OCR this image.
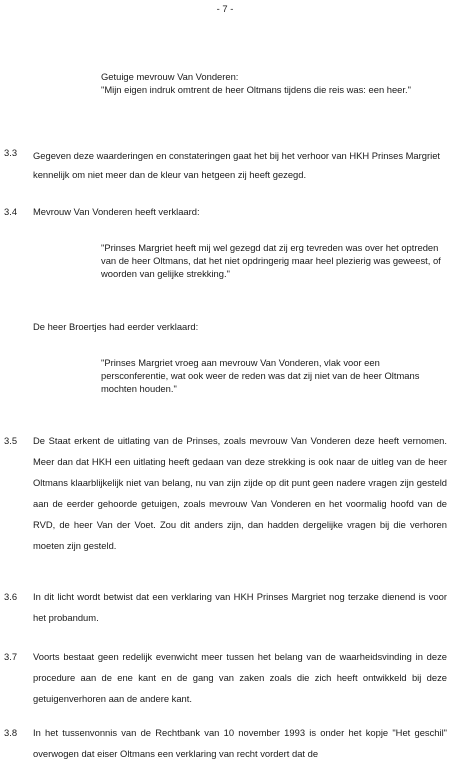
- 7 -

Getuige mevrouw Van Vonderen:

"Mijn eigen indruk omtrent de heer Oltmans tijdens die reis was: een heer."

3.3 Gegeven deze waarderingen en constateringen gaat het bij het verhoor van HKH Prinses Margriet kennelijk om niet meer dan de kleur van hetgeen zij heeft gezegd.
3.4 Mevrouw Van Vonderen heeft verklaard:
"Prinses Margriet heeft mij wel gezegd dat zij erg tevreden was over het optreden van de heer Oltmans, dat het niet opdringerig maar heel plezierig was geweest, of woorden van gelijke strekking."
De heer Broertjes had eerder verklaard:
"Prinses Margriet vroeg aan mevrouw Van Vonderen, vlak voor een persconferentie, wat ook weer de reden was dat zij niet van de heer Oltmans mochten houden."
3.5 De Staat erkent de uitlating van de Prinses, zoals mevrouw Van Vonderen deze heeft vernomen. Meer dan dat HKH een uitlating heeft gedaan van deze strekking is ook naar de uitleg van de heer Oltmans klaarblijkelijk niet van belang, nu van zijn zijde op dit punt geen nadere vragen zijn gesteld aan de eerder gehoorde getuigen, zoals mevrouw Van Vonderen en het voormalig hoofd van de RVD, de heer Van der Voet. Zou dit anders zijn, dan hadden dergelijke vragen bij die verhoren moeten zijn gesteld.
3.6 In dit licht wordt betwist dat een verklaring van HKH Prinses Margriet nog terzake dienend is voor het probandum.
3.7 Voorts bestaat geen redelijk evenwicht meer tussen het belang van de waarheidsvinding in deze procedure aan de ene kant en de gang van zaken zoals die zich heeft ontwikkeld bij deze getuigenverhoren aan de andere kant.
3.8 In het tussenvonnis van de Rechtbank van 10 november 1993 is onder het kopje "Het geschil" overwogen dat eiser Oltmans een verklaring van recht vordert dat de
